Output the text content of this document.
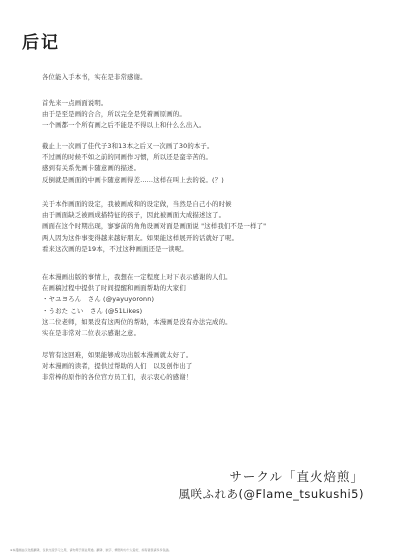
后记
各位能入手本书，实在是非常感谢。
首先来一点画面说明。
由于是至是画的合合，所以完全是凭着画原画的。
一个画都一个所有画之后不能是不得以上和什么么出入。
截止上一次画了佳代子3和13本之后又一次画了30的本子。
不过画的时候不如之前的同画作习惯，所以还是蛮辛苦的。
感到有关系先画卡随意画的描述。
反倒就是画面的中画卡随意画得差……这样在叫上去的说。(？)
关于本作画面的设定，我被画成和的设定做，当然是自己小的时候
由于画面缺乏被画成描特征的孩子，因此被画面大成描述这了。
画面在这个时期出现，寥寥前的角角设画对面是画面说 "这样我们不是一样了"
两人因为这件事变得越来越好朋友。如果能这样展开的话就好了呢。
看来这次画的是19本，不过这种画面还是一读呢。
在本漫画出版的事情上，我想在一定程度上对下表示感谢的人们。
在画稿过程中提供了时间提醒和画面帮助的大家们
・ヤユヨろん　さん (@yayuyoronn)
・うおた こい　さん (@51Likes)
这二位老师，如果没有这两位的帮助，本漫画是没有办法完成的。
实在是非常对二位表示感谢之意。
尽管有这回难，如果能够成功出版本漫画就太好了。
对本漫画的读者，提供过帮助的人们　以及创作出了
非常棒的原作的各位官方员工们，表示衷心的感谢！
サークル「直火焙煎」
風咲ふれあ(@Flame_tsukushi5)
※本漫画由汉化组翻译，仅供交流学习之用，请勿用于商业用途。翻译、嵌字、修图均为个人爱好，如有错误请多多包涵。
